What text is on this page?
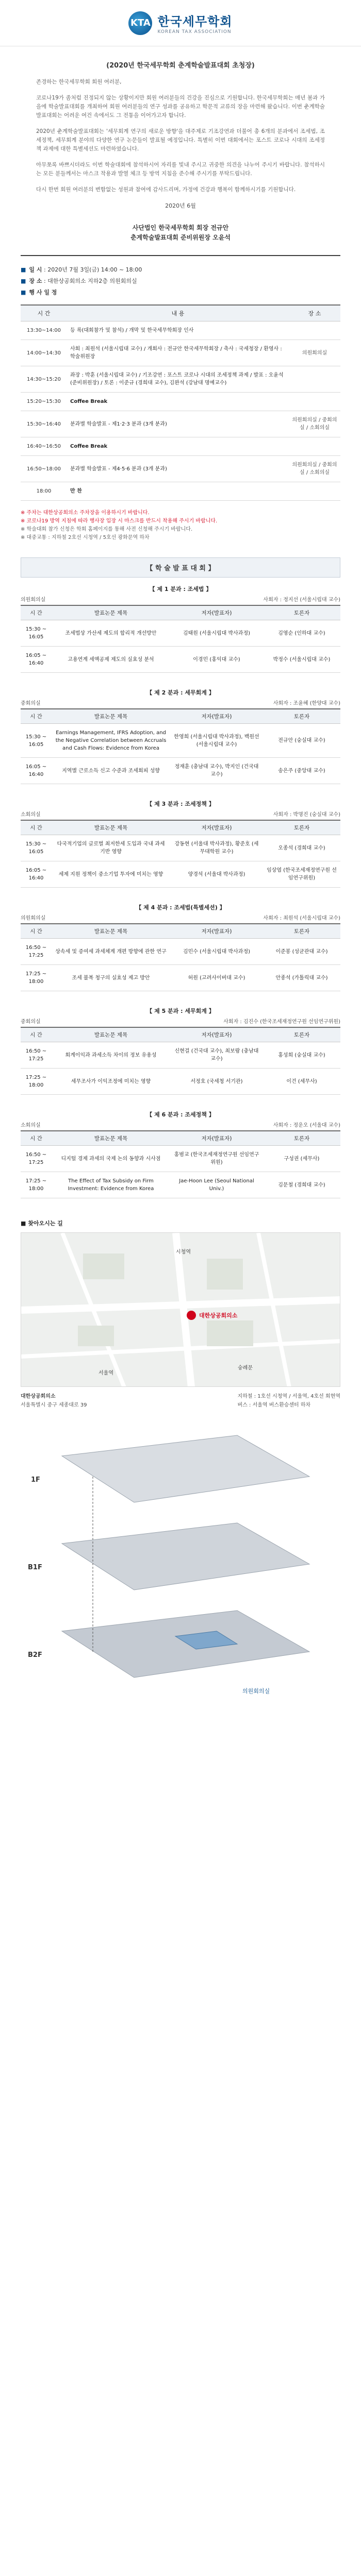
KTA 한국세무학회
KOREAN TAX ASSOCIATION
(2020년 한국세무학회 춘계학술발표대회 초청장)

존경하는 한국세무학회 회원 여러분,

코로나19가 좀처럼 진정되지 않는 상황이지만 회원 여러분들의 건강을 진심으로 기원합니다. 한국세무학회는 매년 봄과 가을에 학술발표대회를 개최하여 회원 여러분들의 연구 성과를 공유하고 학문적 교류의 장을 마련해 왔습니다. 이번 춘계학술발표대회는 어려운 여건 속에서도 그 전통을 이어가고자 합니다.

2020년 춘계학술발표대회는 '세무회계 연구의 새로운 방향'을 대주제로 기조강연과 더불어 총 6개의 분과에서 조세법, 조세정책, 세무회계 분야의 다양한 연구 논문들이 발표될 예정입니다. 특별히 이번 대회에서는 포스트 코로나 시대의 조세정책 과제에 대한 특별세션도 마련하였습니다.

아무쪼록 바쁘시더라도 이번 학술대회에 참석하시어 자리를 빛내 주시고 귀중한 의견을 나누어 주시기 바랍니다. 참석하시는 모든 분들께서는 마스크 착용과 발열 체크 등 방역 지침을 준수해 주시기를 부탁드립니다.

다시 한번 회원 여러분의 변함없는 성원과 참여에 감사드리며, 가정에 건강과 행복이 함께하시기를 기원합니다.

2020년 6월
사단법인 한국세무학회 회장 전규안
춘계학술발표대회 준비위원장 오윤석
■ 일 시 : 2020년 7월 3일(금) 14:00 ~ 18:00
■ 장 소 : 대한상공회의소 지하2층 의원회의실
■ 행 사 일 정
시 간	내 용	장 소
13:30~14:00	등 록(대회참가 및 참석) / 개막 및 한국세무학회장 인사	
14:00~14:30	사회 : 최원석 (서울시립대 교수) / 개회사 : 전규안 한국세무학회장 / 축사 : 국세청장 / 환영사 : 학술위원장	의원회의실
14:30~15:20	좌장 : 박훈 (서울시립대 교수) / 기조강연 : 포스트 코로나 시대의 조세정책 과제 / 발표 : 오윤석 (준비위원장) / 토론 : 이준규 (경희대 교수), 김완석 (강남대 명예교수)	
15:20~15:30	Coffee Break	
15:30~16:40	분과별 학술발표 - 제1·2·3 분과 (3개 분과)	의원회의실 / 중회의실 / 소회의실
16:40~16:50	Coffee Break	
16:50~18:00	분과별 학술발표 - 제4·5·6 분과 (3개 분과)	의원회의실 / 중회의실 / 소회의실
18:00	만 찬	
※ 주차는 대한상공회의소 주차장을 이용하시기 바랍니다.
※ 코로나19 방역 지침에 따라 행사장 입장 시 마스크를 반드시 착용해 주시기 바랍니다.
※ 학술대회 참가 신청은 학회 홈페이지를 통해 사전 신청해 주시기 바랍니다.
※ 대중교통 : 지하철 2호선 시청역 / 5호선 광화문역 하차
【 학 술 발 표 대 회 】
【 제 1 분과 : 조세법 】
의원회의실	사회자 : 정지선 (서울시립대 교수)
시 간	발표논문 제목	저자(발표자)	토론자
15:30 ~ 16:05	조세법상 가산세 제도의 합리적 개선방안	김태원 (서울시립대 박사과정)	김영순 (인하대 교수)
16:05 ~ 16:40	고용연계 세액공제 제도의 실효성 분석	이경민 (홍익대 교수)	박정수 (서울시립대 교수)
【 제 2 분과 : 세무회계 】
중회의실	사회자 : 조윤혜 (한양대 교수)
시 간	발표논문 제목	저자(발표자)	토론자
15:30 ~ 16:05	Earnings Management, IFRS Adoption, and the Negative Correlation between Accruals and Cash Flows: Evidence from Korea	한영희 (서울시립대 박사과정), 백원선 (서울시립대 교수)	전규안 (숭실대 교수)
16:05 ~ 16:40	지역별 근로소득 신고 수준과 조세회피 성향	정재훈 (충남대 교수), 박지인 (건국대 교수)	송은주 (중앙대 교수)
【 제 3 분과 : 조세정책 】
소회의실	사회자 : 박명진 (숭실대 교수)
시 간	발표논문 제목	저자(발표자)	토론자
15:30 ~ 16:05	다국적기업의 글로벌 최저한세 도입과 국내 과세기반 영향	강동현 (서울대 박사과정), 황준호 (세무대학원 교수)	오종석 (경희대 교수)
16:05 ~ 16:40	세제 지원 정책이 중소기업 투자에 미치는 영향	양경석 (서울대 박사과정)	임상엽 (한국조세재정연구원 선임연구위원)
【 제 4 분과 : 조세법(특별세션) 】
의원회의실	사회자 : 최원석 (서울시립대 교수)
시 간	발표논문 제목	저자(발표자)	토론자
16:50 ~ 17:25	상속세 및 증여세 과세체계 개편 방향에 관한 연구	김민수 (서울시립대 박사과정)	이준봉 (성균관대 교수)
17:25 ~ 18:00	조세 불복 청구의 실효성 제고 방안	허원 (고려사이버대 교수)	안종석 (가톨릭대 교수)
【 제 5 분과 : 세무회계 】
중회의실	사회자 : 김진수 (한국조세재정연구원 선임연구위원)
시 간	발표논문 제목	저자(발표자)	토론자
16:50 ~ 17:25	회계이익과 과세소득 차이의 정보 유용성	신현걸 (건국대 교수), 최보람 (충남대 교수)	홍성희 (숭실대 교수)
17:25 ~ 18:00	세무조사가 이익조정에 미치는 영향	서정호 (국세청 서기관)	이건 (세무사)
【 제 6 분과 : 조세정책 】
소회의실	사회자 : 정운오 (서울대 교수)
시 간	발표논문 제목	저자(발표자)	토론자
16:50 ~ 17:25	디지털 경제 과세의 국제 논의 동향과 시사점	홍범교 (한국조세재정연구원 선임연구위원)	구성권 (세무사)
17:25 ~ 18:00	The Effect of Tax Subsidy on Firm Investment: Evidence from Korea	Jae-Hoon Lee (Seoul National Univ.)	김문철 (경희대 교수)
■ 찾아오시는 길
대한상공회의소
시청역
서울역
숭례문
대한상공회의소
서울특별시 중구 세종대로 39
지하철 : 1호선 시청역 / 서울역, 4호선 회현역
버스 : 서울역 버스환승센터 하차
1F
B1F
B2F
의원회의실
